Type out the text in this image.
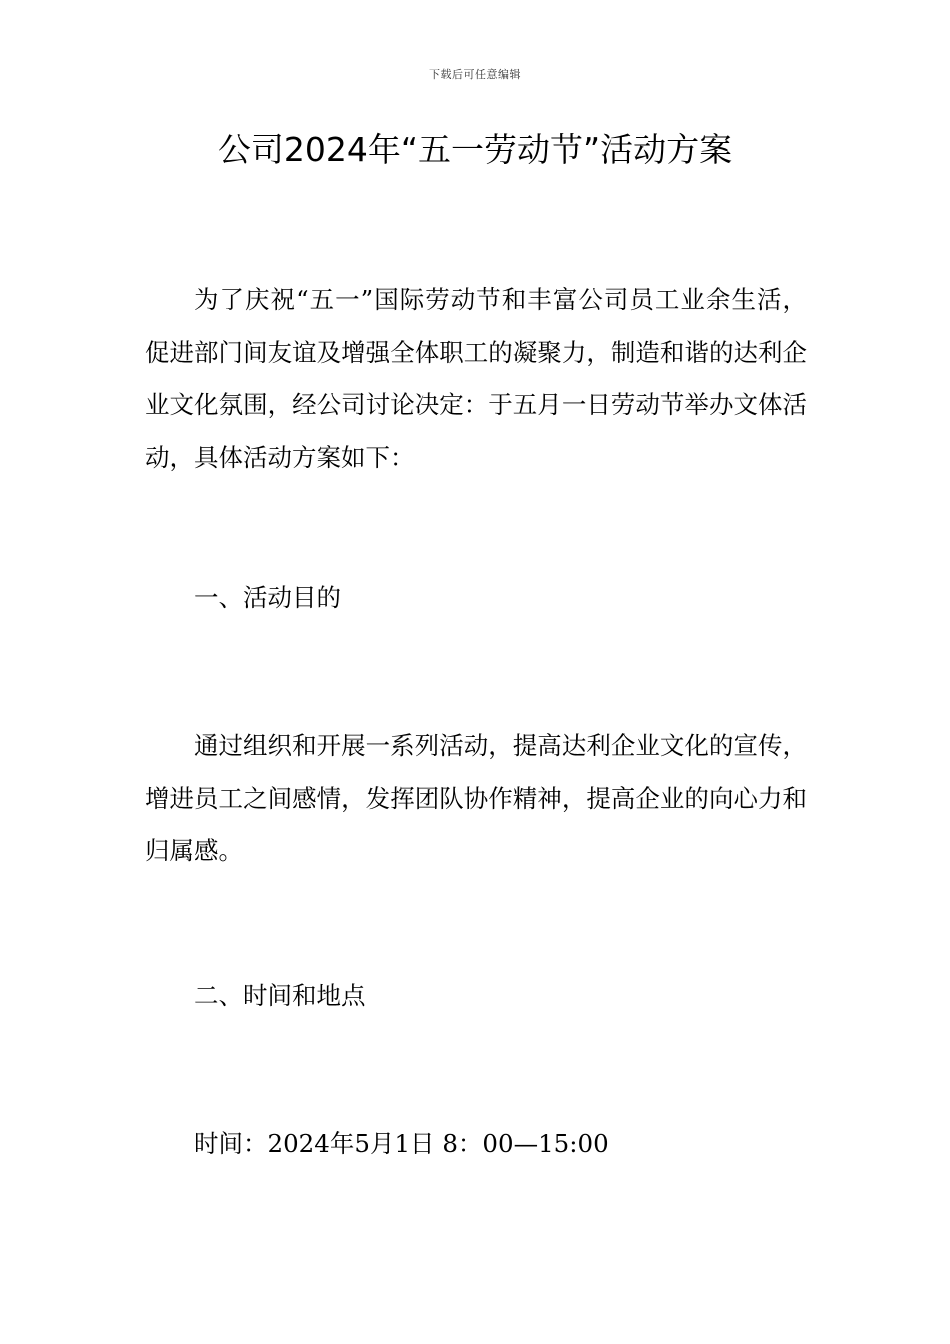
下载后可任意编辑
公司2024年“五一劳动节”活动方案

为了庆祝“五一”国际劳动节和丰富公司员工业余生活，促进部门间友谊及增强全体职工的凝聚力，制造和谐的达利企业文化氛围，经公司讨论决定：于五月一日劳动节举办文体活动，具体活动方案如下：

一、活动目的

通过组织和开展一系列活动，提高达利企业文化的宣传，增进员工之间感情，发挥团队协作精神，提高企业的向心力和归属感。

二、时间和地点

时间：2024年5月1日 8：00—15:00
